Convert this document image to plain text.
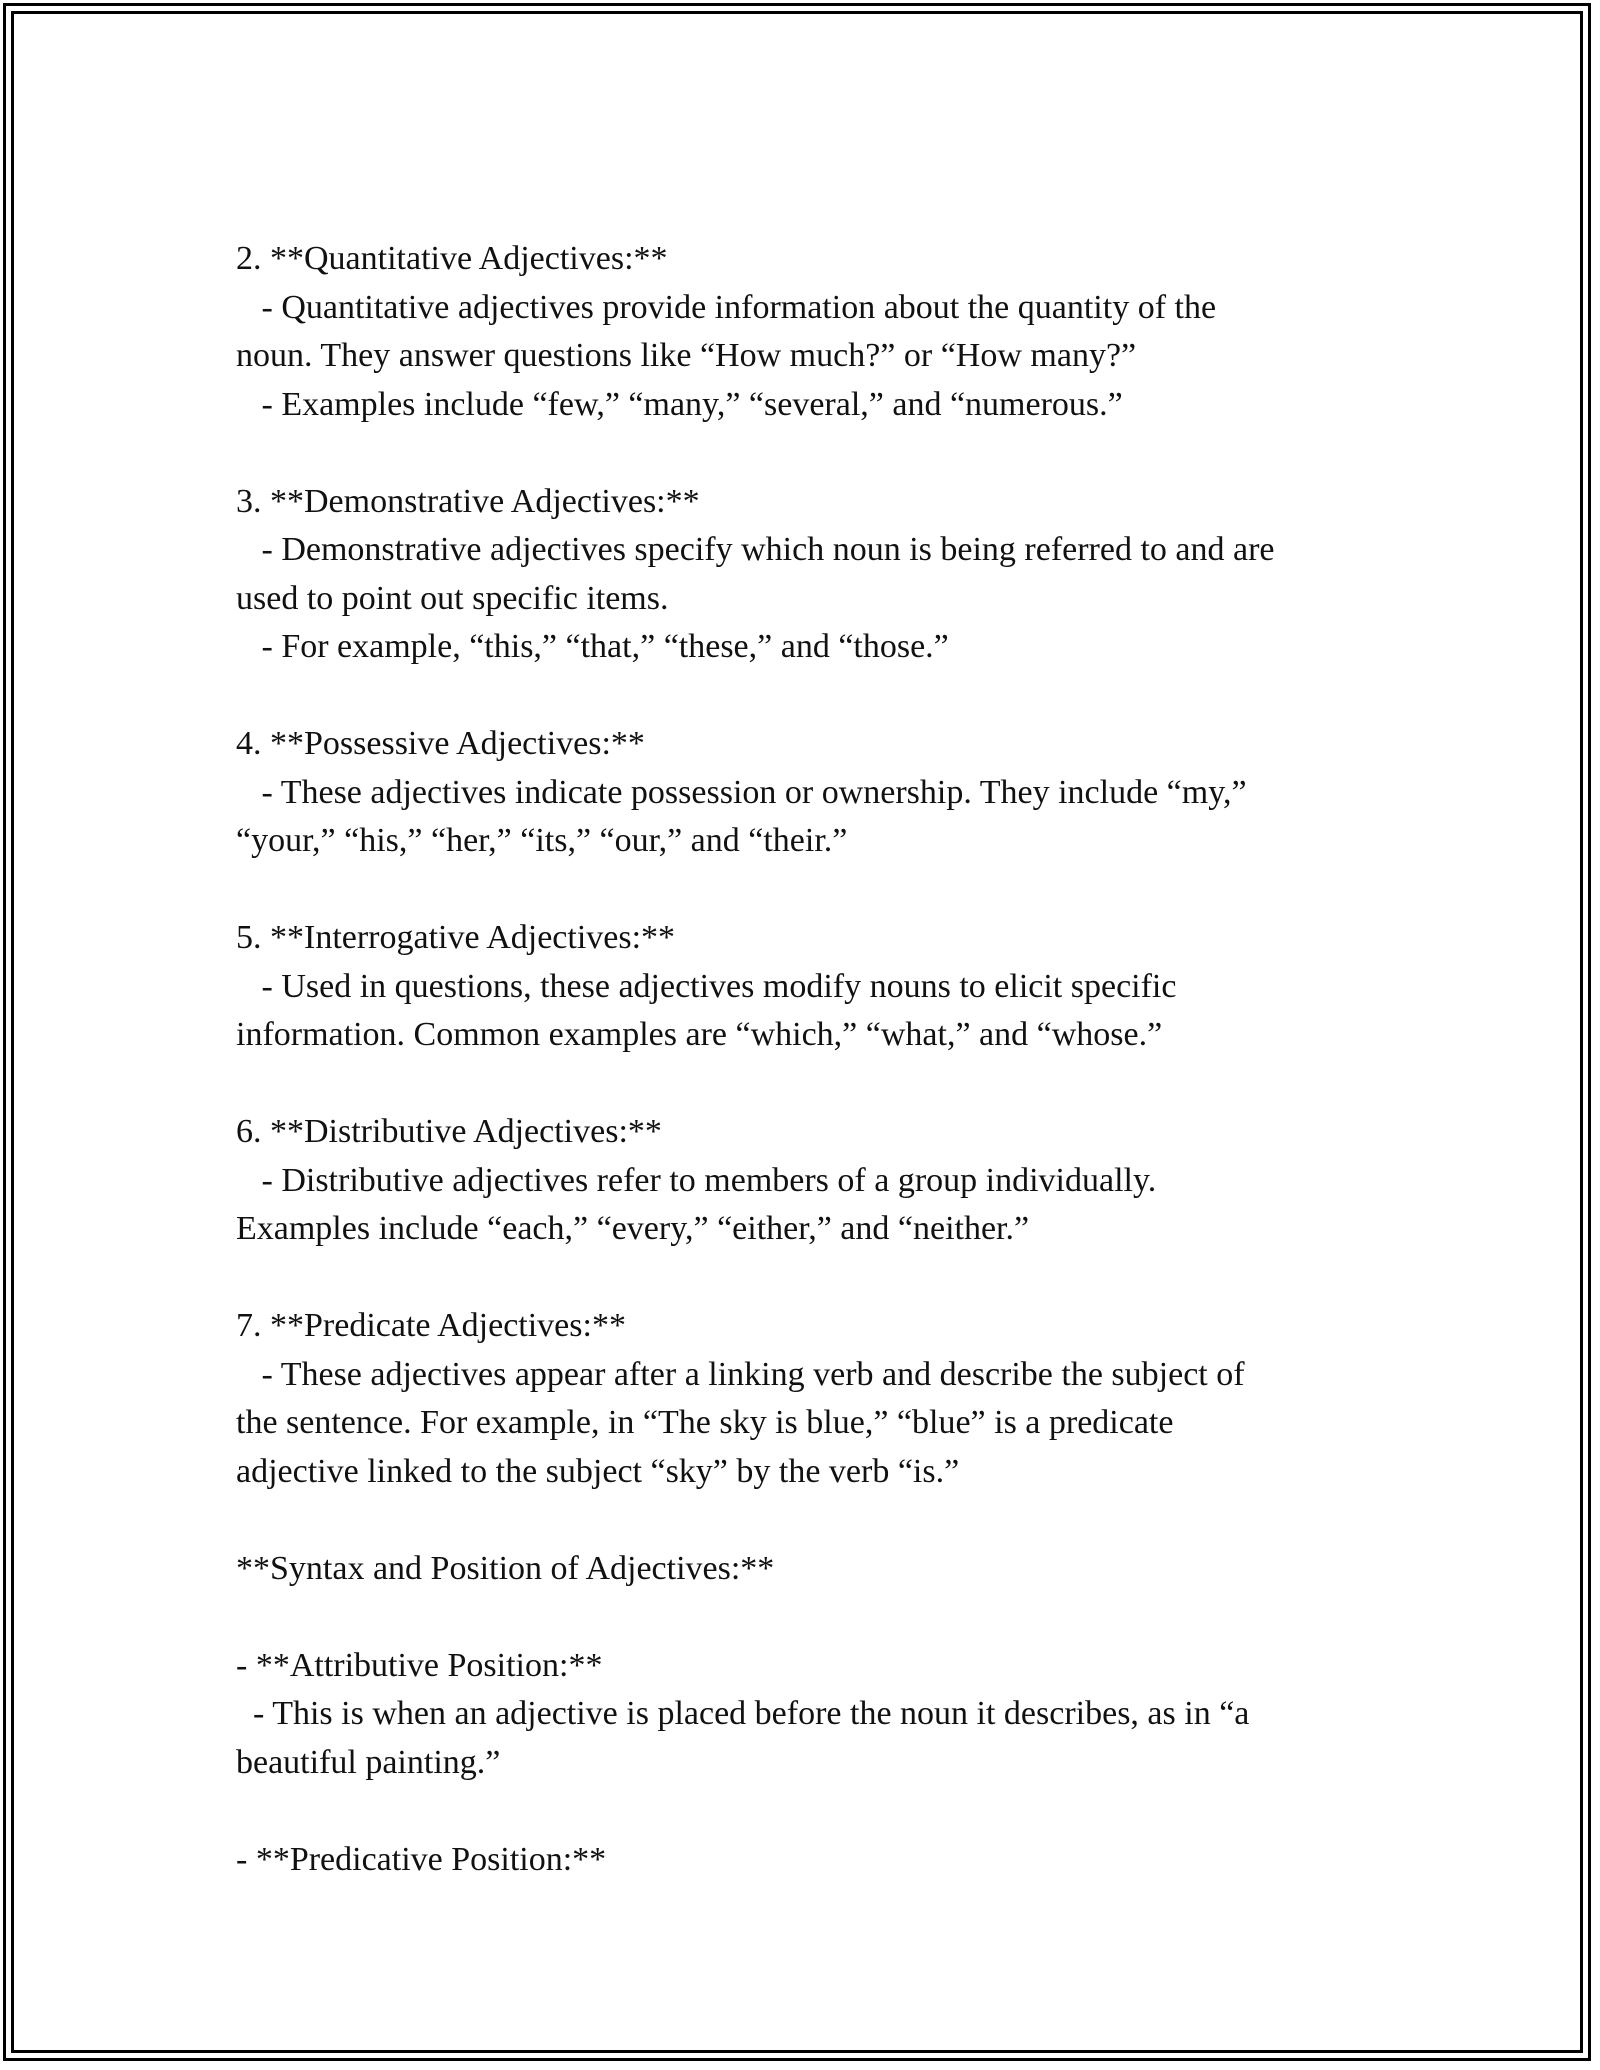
2. **Quantitative Adjectives:**
- Quantitative adjectives provide information about the quantity of the
noun. They answer questions like “How much?” or “How many?”
- Examples include “few,” “many,” “several,” and “numerous.”
3. **Demonstrative Adjectives:**
- Demonstrative adjectives specify which noun is being referred to and are
used to point out specific items.
- For example, “this,” “that,” “these,” and “those.”
4. **Possessive Adjectives:**
- These adjectives indicate possession or ownership. They include “my,”
“your,” “his,” “her,” “its,” “our,” and “their.”
5. **Interrogative Adjectives:**
- Used in questions, these adjectives modify nouns to elicit specific
information. Common examples are “which,” “what,” and “whose.”
6. **Distributive Adjectives:**
- Distributive adjectives refer to members of a group individually.
Examples include “each,” “every,” “either,” and “neither.”
7. **Predicate Adjectives:**
- These adjectives appear after a linking verb and describe the subject of
the sentence. For example, in “The sky is blue,” “blue” is a predicate
adjective linked to the subject “sky” by the verb “is.”
**Syntax and Position of Adjectives:**
- **Attributive Position:**
- This is when an adjective is placed before the noun it describes, as in “a
beautiful painting.”
- **Predicative Position:**
